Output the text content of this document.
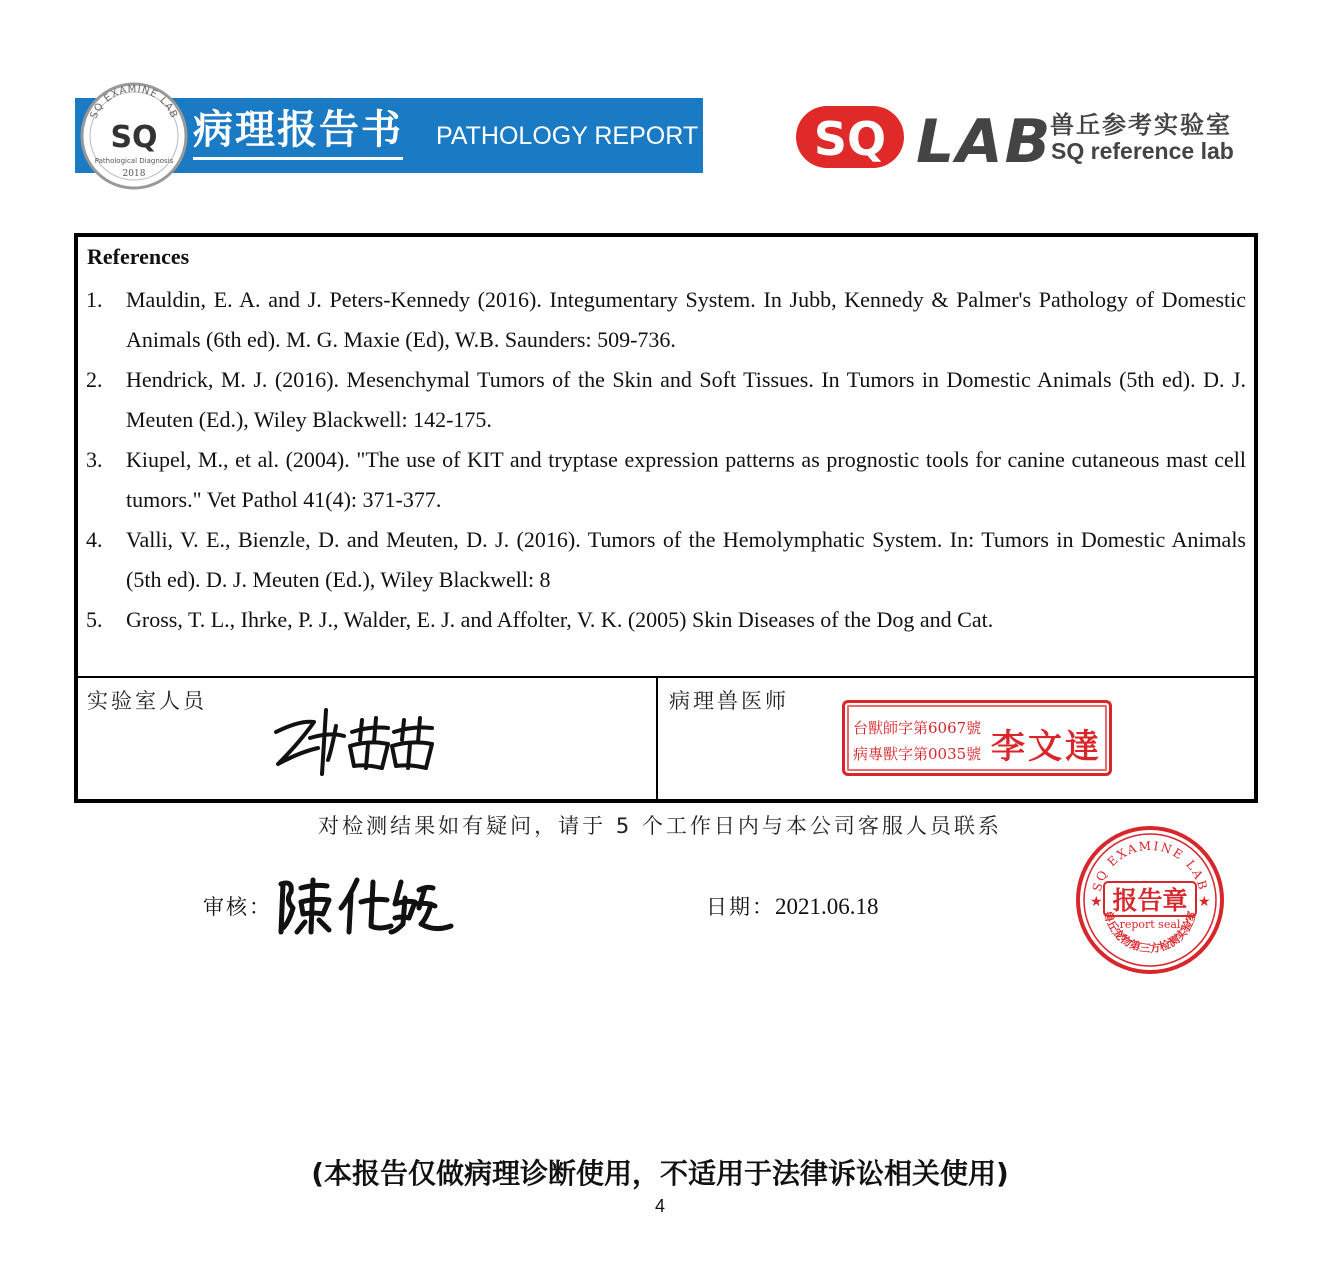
SQ EXAMINE LAB
SQ
Pathological Diagnosis
2018
病理报告书 PATHOLOGY REPORT	SQ LAB
兽丘参考实验室
SQ reference lab
References
1. Mauldin, E. A. and J. Peters-Kennedy (2016). Integumentary System. In Jubb, Kennedy & Palmer's Pathology of Domestic Animals (6th ed). M. G. Maxie (Ed), W.B. Saunders: 509-736.
2. Hendrick, M. J. (2016). Mesenchymal Tumors of the Skin and Soft Tissues. In Tumors in Domestic Animals (5th ed). D. J. Meuten (Ed.), Wiley Blackwell: 142-175.
3. Kiupel, M., et al. (2004). "The use of KIT and tryptase expression patterns as prognostic tools for canine cutaneous mast cell tumors." Vet Pathol 41(4): 371-377.
4. Valli, V. E., Bienzle, D. and Meuten, D. J. (2016). Tumors of the Hemolymphatic System. In: Tumors in Domestic Animals (5th ed). D. J. Meuten (Ed.), Wiley Blackwell: 8
5. Gross, T. L., Ihrke, P. J., Walder, E. J. and Affolter, V. K. (2005) Skin Diseases of the Dog and Cat.
实验室人员	病理兽医师
台獸師字第6067號
病專獸字第0035號 李文達
对检测结果如有疑问，请于 5 个工作日内与本公司客服人员联系
审核：	日期：2021.06.18
SQ EXAMINE LAB
★	★
报告章
report seal
兽丘宠物第三方检测实验室
(本报告仅做病理诊断使用，不适用于法律诉讼相关使用)
4
